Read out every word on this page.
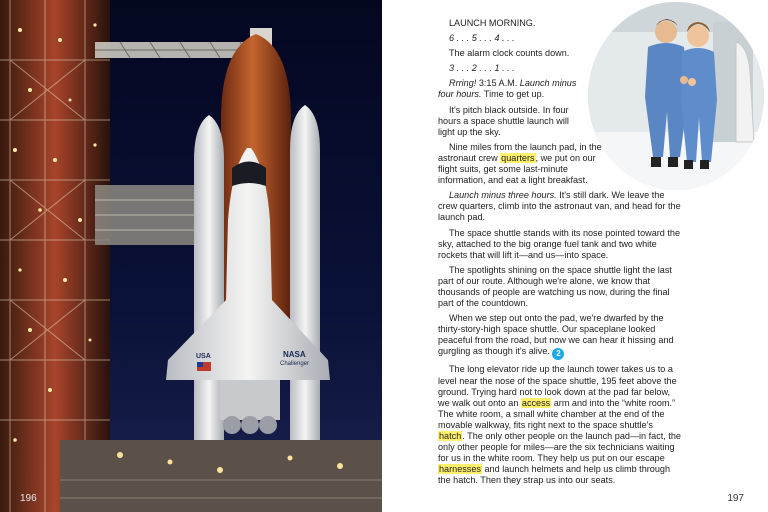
USA	NASA
Challenger
196

LAUNCH MORNING.

6 . . . 5 . . . 4 . . .

The alarm clock counts down.

3 . . . 2 . . . 1 . . .

Rrring! 3:15 A.M. Launch minus four hours. Time to get up.

It's pitch black outside. In four hours a space shuttle launch will light up the sky.

Nine miles from the launch pad, in the astronaut crew quarters, we put on our flight suits, get some last-minute information, and eat a light breakfast.

Launch minus three hours. It's still dark. We leave the crew quarters, climb into the astronaut van, and head for the launch pad.

The space shuttle stands with its nose pointed toward the sky, attached to the big orange fuel tank and two white rockets that will lift it—and us—into space.

The spotlights shining on the space shuttle light the last part of our route. Although we're alone, we know that thousands of people are watching us now, during the final part of the countdown.

When we step out onto the pad, we're dwarfed by the thirty-story-high space shuttle. Our spaceplane looked peaceful from the road, but now we can hear it hissing and gurgling as though it's alive. 2

The long elevator ride up the launch tower takes us to a level near the nose of the space shuttle, 195 feet above the ground. Trying hard not to look down at the pad far below, we walk out onto an access arm and into the “white room.” The white room, a small white chamber at the end of the movable walkway, fits right next to the space shuttle's hatch. The only other people on the launch pad—in fact, the only other people for miles—are the six technicians waiting for us in the white room. They help us put on our escape harnesses and launch helmets and help us climb through the hatch. Then they strap us into our seats.

197
